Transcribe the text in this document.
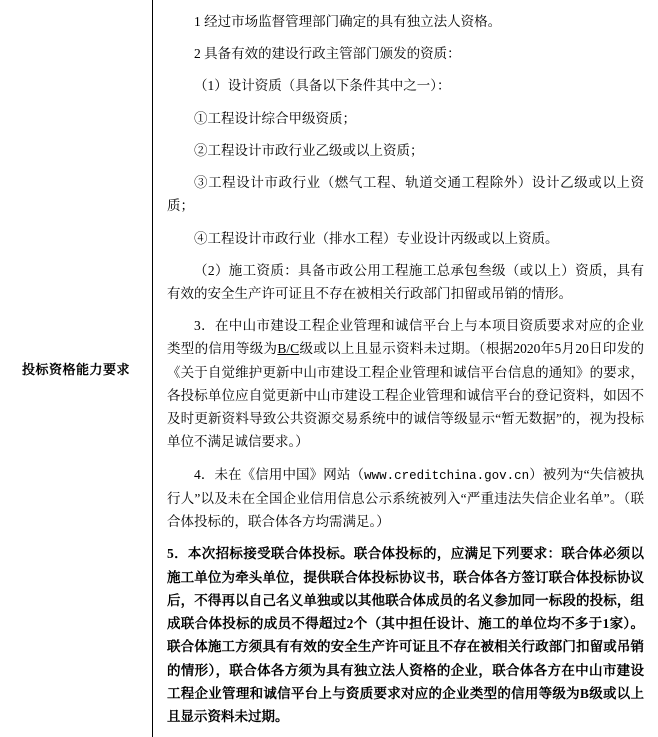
投标资格能力要求	

1 经过市场监督管理部门确定的具有独立法人资格。

2 具备有效的建设行政主管部门颁发的资质：

（1）设计资质（具备以下条件其中之一）：

①工程设计综合甲级资质；

②工程设计市政行业乙级或以上资质；

③工程设计市政行业（燃气工程、轨道交通工程除外）设计乙级或以上资质；

④工程设计市政行业（排水工程）专业设计丙级或以上资质。

（2）施工资质：具备市政公用工程施工总承包叁级（或以上）资质，具有有效的安全生产许可证且不存在被相关行政部门扣留或吊销的情形。

3．在中山市建设工程企业管理和诚信平台上与本项目资质要求对应的企业类型的信用等级为B/C级或以上且显示资料未过期。（根据2020年5月20日印发的《关于自觉维护更新中山市建设工程企业管理和诚信平台信息的通知》的要求，各投标单位应自觉更新中山市建设工程企业管理和诚信平台的登记资料，如因不及时更新资料导致公共资源交易系统中的诚信等级显示“暂无数据”的，视为投标单位不满足诚信要求。）

4．未在《信用中国》网站（www.creditchina.gov.cn）被列为“失信被执行人”以及未在全国企业信用信息公示系统被列入“严重违法失信企业名单”。（联合体投标的，联合体各方均需满足。）

5．本次招标接受联合体投标。联合体投标的，应满足下列要求：联合体必须以施工单位为牵头单位，提供联合体投标协议书，联合体各方签订联合体投标协议后，不得再以自己名义单独或以其他联合体成员的名义参加同一标段的投标，组成联合体投标的成员不得超过2个（其中担任设计、施工的单位均不多于1家）。联合体施工方须具有有效的安全生产许可证且不存在被相关行政部门扣留或吊销的情形），联合体各方须为具有独立法人资格的企业，联合体各方在中山市建设工程企业管理和诚信平台上与资质要求对应的企业类型的信用等级为B级或以上且显示资料未过期。
